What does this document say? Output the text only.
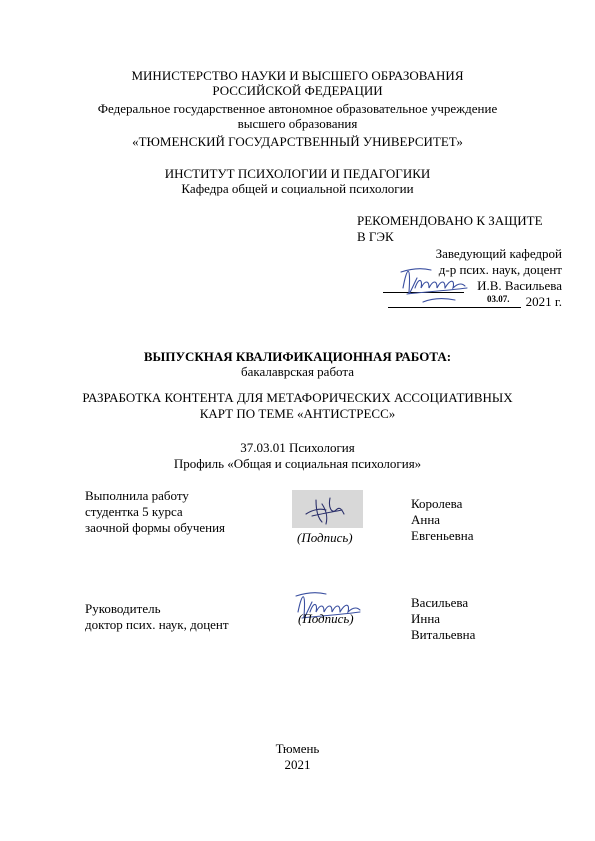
МИНИСТЕРСТВО НАУКИ И ВЫСШЕГО ОБРАЗОВАНИЯ
РОССИЙСКОЙ ФЕДЕРАЦИИ
Федеральное государственное автономное образовательное учреждение
высшего образования
«ТЮМЕНСКИЙ ГОСУДАРСТВЕННЫЙ УНИВЕРСИТЕТ»
ИНСТИТУТ ПСИХОЛОГИИ И ПЕДАГОГИКИ
Кафедра общей и социальной психологии
РЕКОМЕНДОВАНО К ЗАЩИТЕ
В ГЭК
Заведующий кафедрой
д-р псих. наук, доцент
И.В. Васильева
03.07.	2021 г.
ВЫПУСКНАЯ КВАЛИФИКАЦИОННАЯ РАБОТА:
бакалаврская работа
РАЗРАБОТКА КОНТЕНТА ДЛЯ МЕТАФОРИЧЕСКИХ АССОЦИАТИВНЫХ
КАРТ ПО ТЕМЕ «АНТИСТРЕСС»
37.03.01 Психология
Профиль «Общая и социальная психология»
Выполнила работу
студентка 5 курса
заочной формы обучения
(Подпись)
Королева
Анна
Евгеньевна
Руководитель
доктор псих. наук, доцент	(Подпись)
Васильева
Инна
Витальевна
Тюмень
2021
